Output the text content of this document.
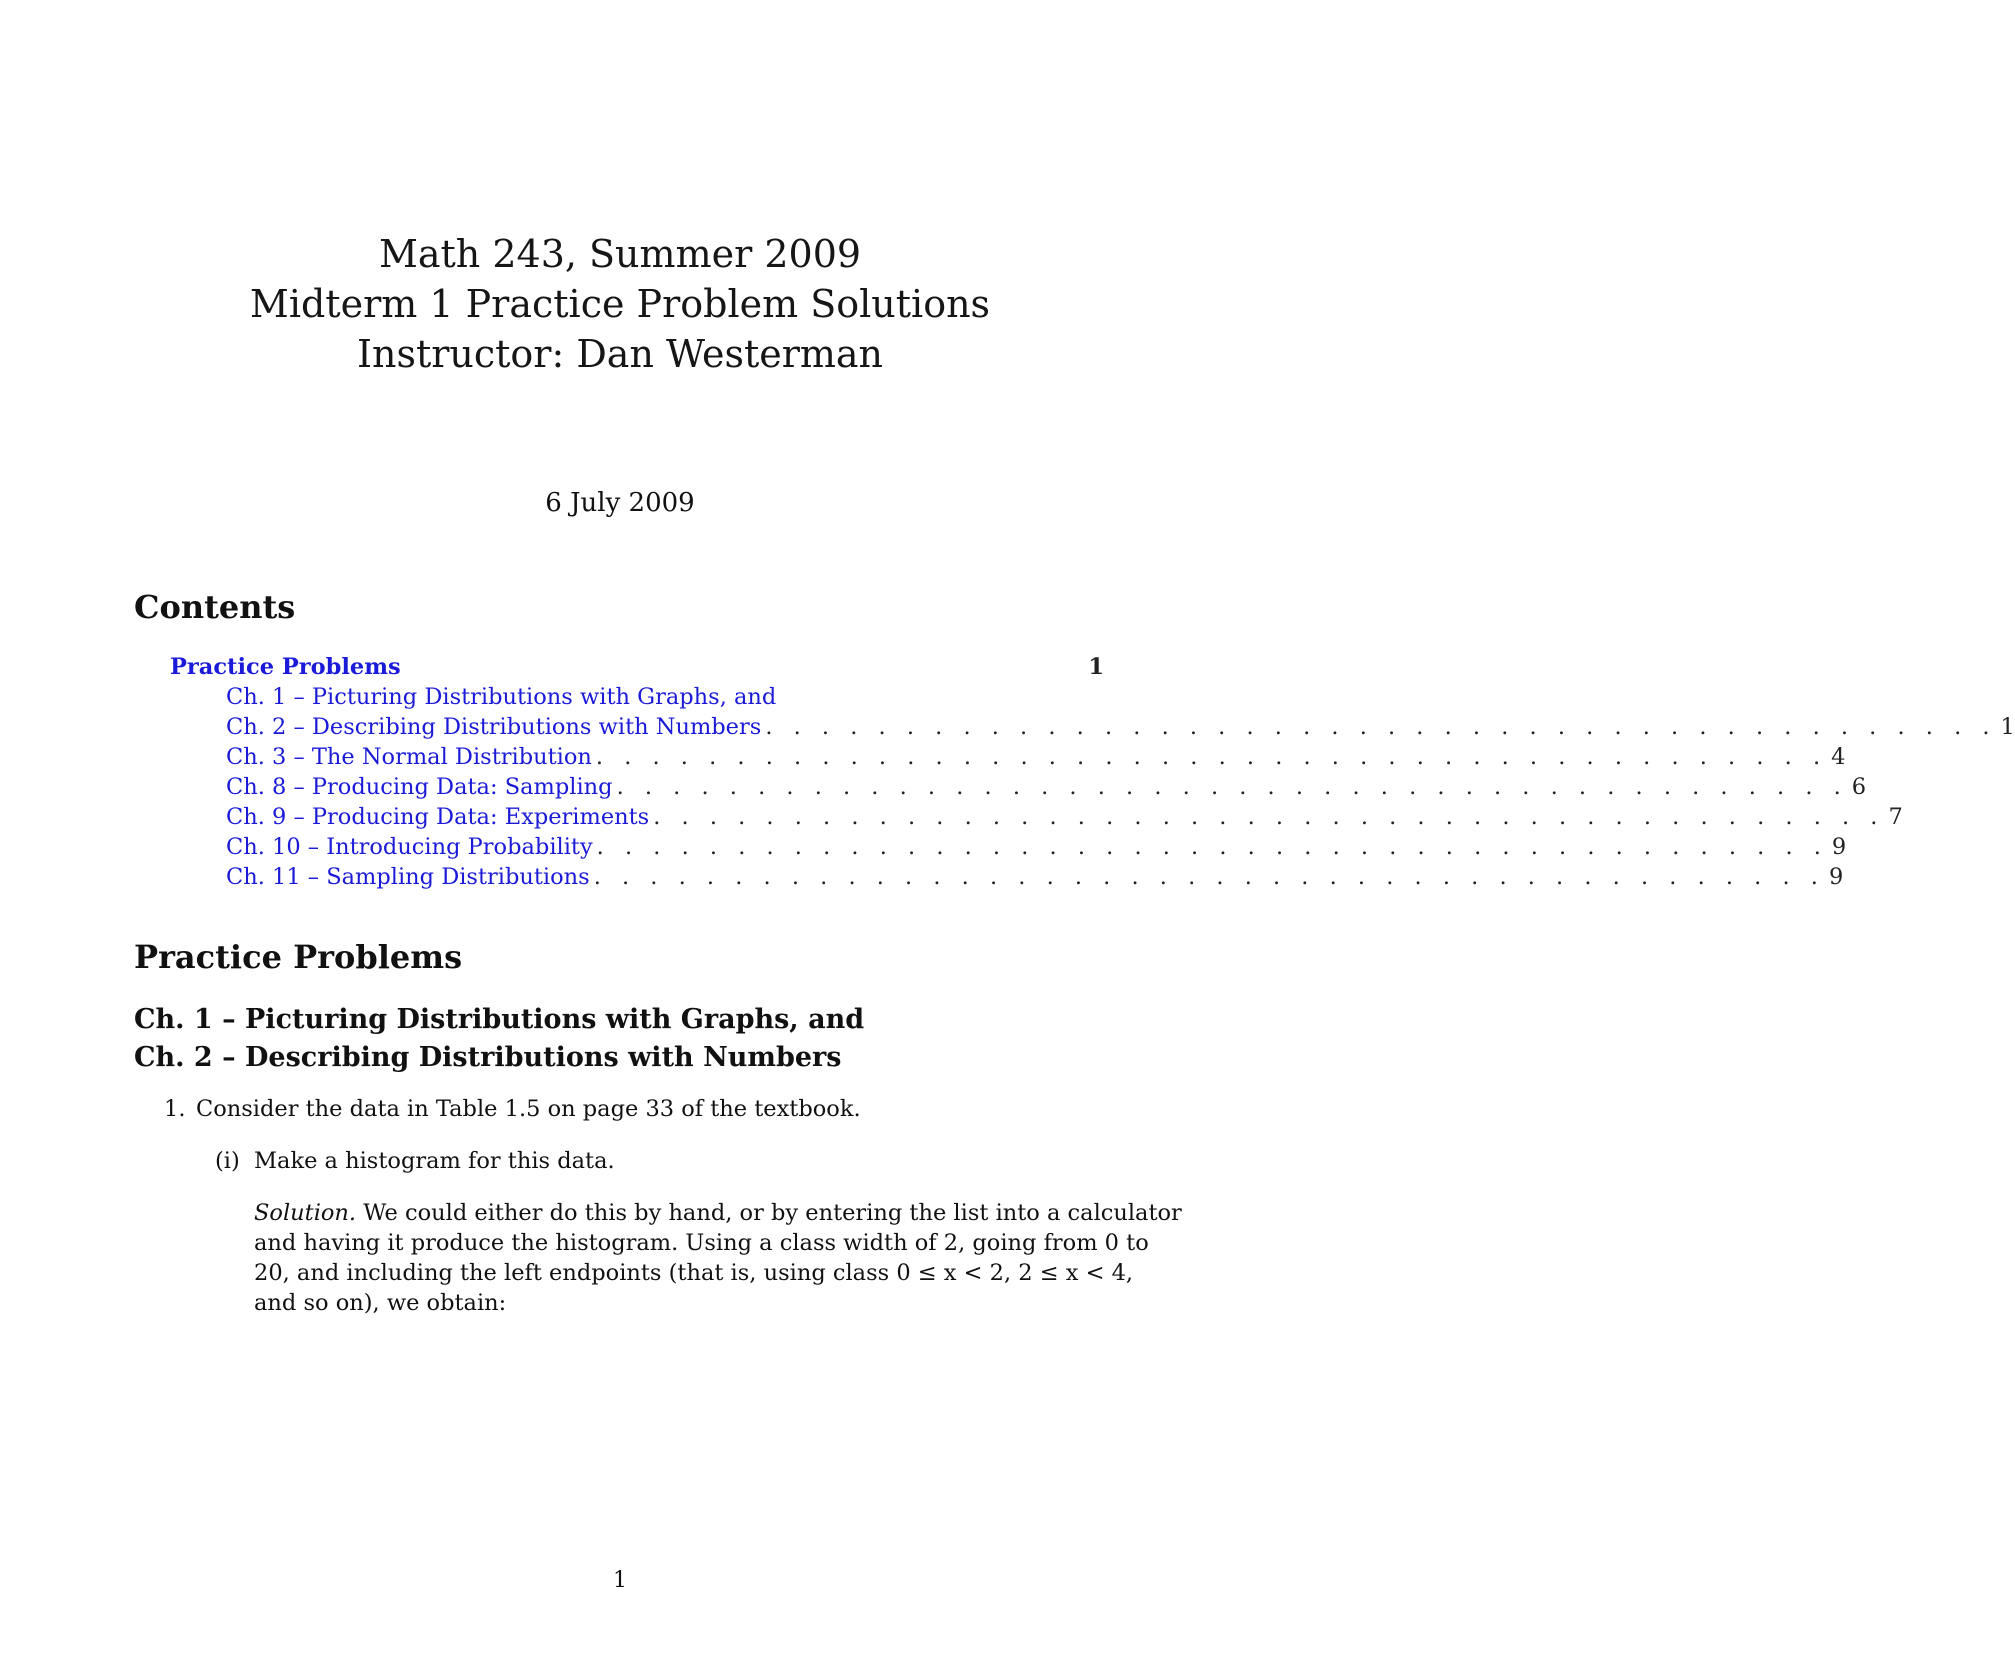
Math 243, Summer 2009
Midterm 1 Practice Problem Solutions
Instructor: Dan Westerman
6 July 2009
Contents
Practice Problems	1
Ch. 1 – Picturing Distributions with Graphs, and
Ch. 2 – Describing Distributions with Numbers . . . . . . . . . . . . . . . . . . . . . . . . . . . . . . . . . . . . . . . . . . . . 1
Ch. 3 – The Normal Distribution . . . . . . . . . . . . . . . . . . . . . . . . . . . . . . . . . . . . . . . . . . . . 4
Ch. 8 – Producing Data: Sampling . . . . . . . . . . . . . . . . . . . . . . . . . . . . . . . . . . . . . . . . . . . . 6
Ch. 9 – Producing Data: Experiments . . . . . . . . . . . . . . . . . . . . . . . . . . . . . . . . . . . . . . . . . . . . 7
Ch. 10 – Introducing Probability . . . . . . . . . . . . . . . . . . . . . . . . . . . . . . . . . . . . . . . . . . . . 9
Ch. 11 – Sampling Distributions . . . . . . . . . . . . . . . . . . . . . . . . . . . . . . . . . . . . . . . . . . . . 9
Practice Problems
Ch. 1 – Picturing Distributions with Graphs, and
Ch. 2 – Describing Distributions with Numbers
1. Consider the data in Table 1.5 on page 33 of the textbook.
(i) Make a histogram for this data.
Solution. We could either do this by hand, or by entering the list into a calculator
and having it produce the histogram. Using a class width of 2, going from 0 to
20, and including the left endpoints (that is, using class 0 ≤ x < 2, 2 ≤ x < 4,
and so on), we obtain:
1
